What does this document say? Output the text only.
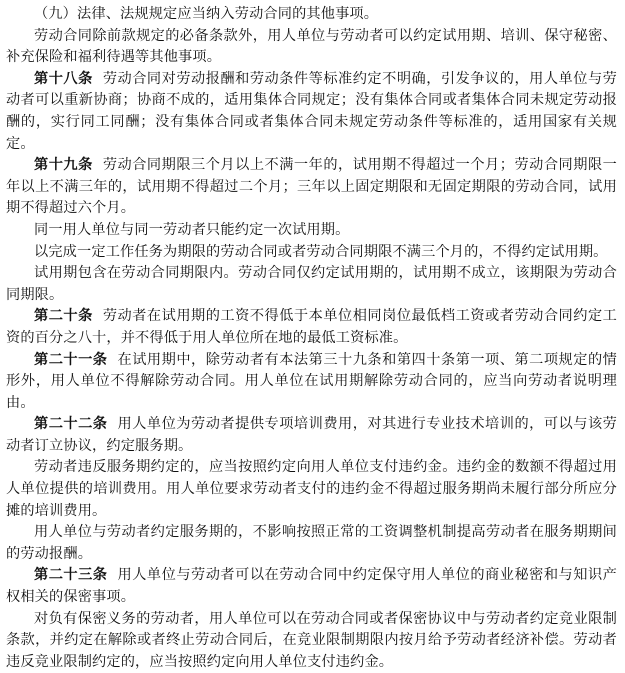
（九）法律、法规规定应当纳入劳动合同的其他事项。

劳动合同除前款规定的必备条款外，用人单位与劳动者可以约定试用期、培训、保守秘密、补充保险和福利待遇等其他事项。

第十八条 劳动合同对劳动报酬和劳动条件等标准约定不明确，引发争议的，用人单位与劳动者可以重新协商；协商不成的，适用集体合同规定；没有集体合同或者集体合同未规定劳动报酬的，实行同工同酬；没有集体合同或者集体合同未规定劳动条件等标准的，适用国家有关规定。

第十九条 劳动合同期限三个月以上不满一年的，试用期不得超过一个月；劳动合同期限一年以上不满三年的，试用期不得超过二个月；三年以上固定期限和无固定期限的劳动合同，试用期不得超过六个月。

同一用人单位与同一劳动者只能约定一次试用期。

以完成一定工作任务为期限的劳动合同或者劳动合同期限不满三个月的，不得约定试用期。

试用期包含在劳动合同期限内。劳动合同仅约定试用期的，试用期不成立，该期限为劳动合同期限。

第二十条 劳动者在试用期的工资不得低于本单位相同岗位最低档工资或者劳动合同约定工资的百分之八十，并不得低于用人单位所在地的最低工资标准。

第二十一条 在试用期中，除劳动者有本法第三十九条和第四十条第一项、第二项规定的情形外，用人单位不得解除劳动合同。用人单位在试用期解除劳动合同的，应当向劳动者说明理由。

第二十二条 用人单位为劳动者提供专项培训费用，对其进行专业技术培训的，可以与该劳动者订立协议，约定服务期。

劳动者违反服务期约定的，应当按照约定向用人单位支付违约金。违约金的数额不得超过用人单位提供的培训费用。用人单位要求劳动者支付的违约金不得超过服务期尚未履行部分所应分摊的培训费用。

用人单位与劳动者约定服务期的，不影响按照正常的工资调整机制提高劳动者在服务期期间的劳动报酬。

第二十三条 用人单位与劳动者可以在劳动合同中约定保守用人单位的商业秘密和与知识产权相关的保密事项。

对负有保密义务的劳动者，用人单位可以在劳动合同或者保密协议中与劳动者约定竞业限制条款，并约定在解除或者终止劳动合同后，在竞业限制期限内按月给予劳动者经济补偿。劳动者违反竞业限制约定的，应当按照约定向用人单位支付违约金。
